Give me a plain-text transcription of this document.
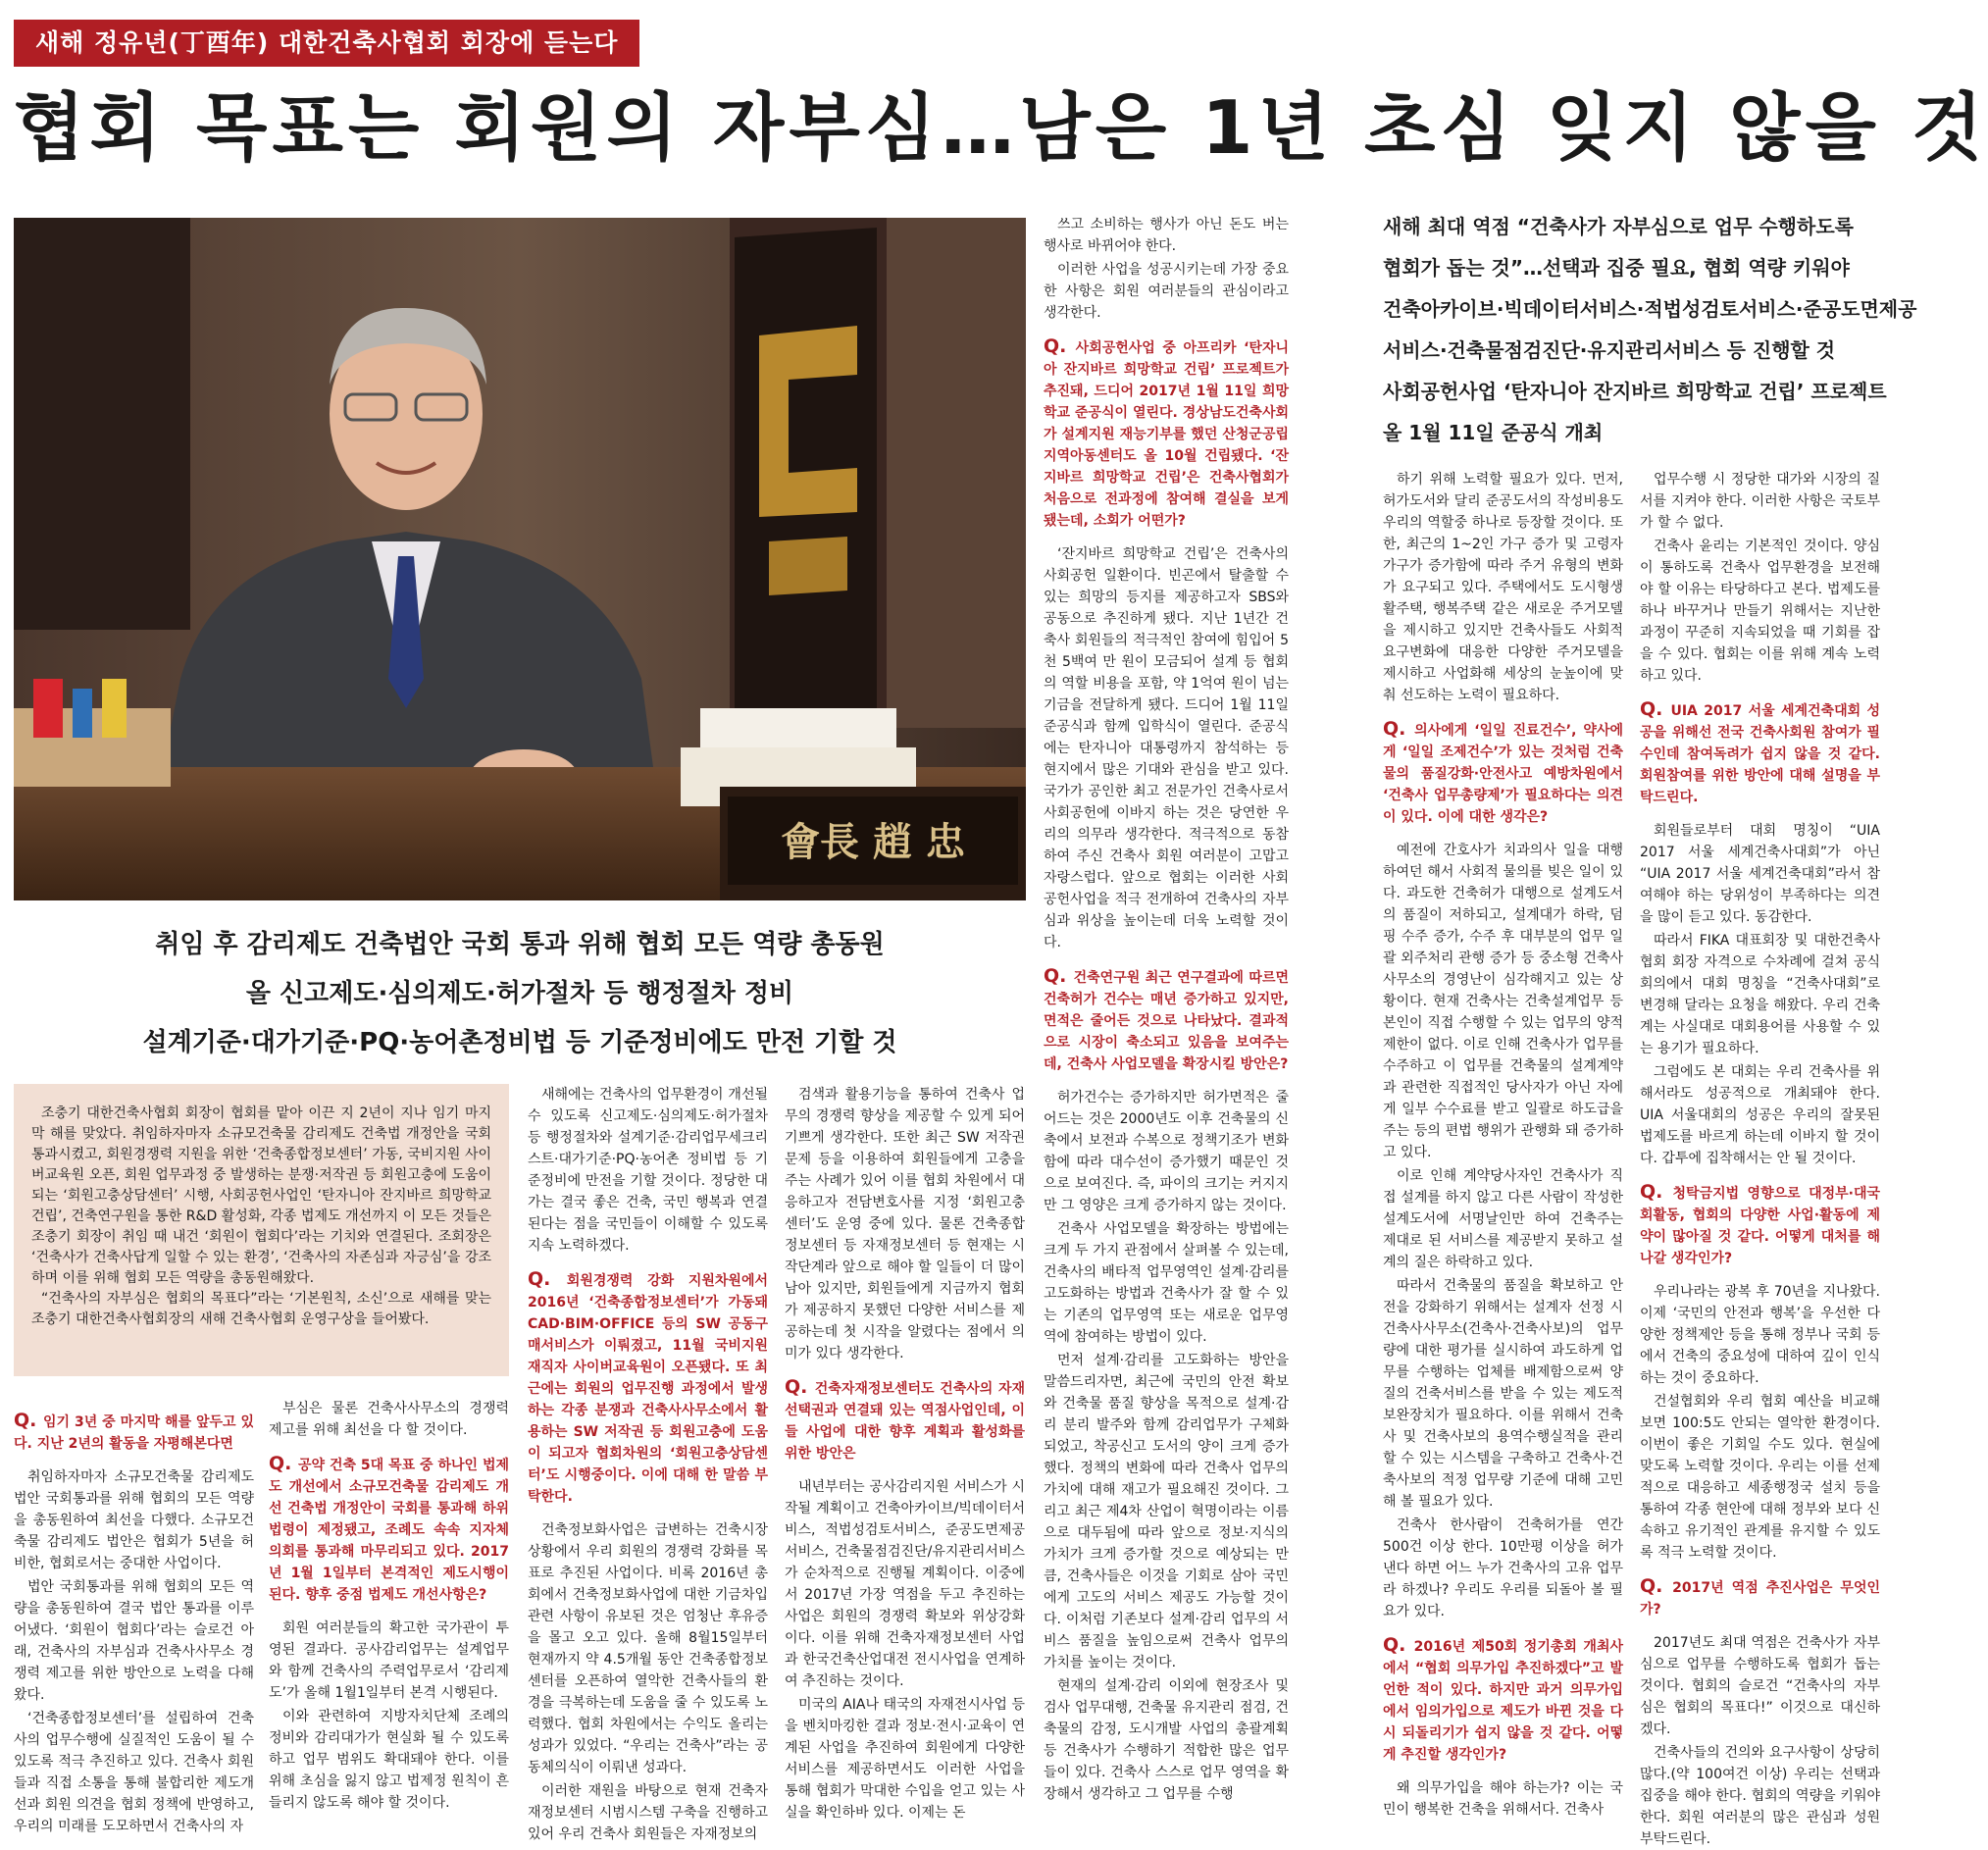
새해 정유년(丁酉年) 대한건축사협회 회장에 듣는다
협회 목표는 회원의 자부심…남은 1년 초심 잊지 않을 것
會長 趙 忠
취임 후 감리제도 건축법안 국회 통과 위해 협회 모든 역량 총동원
올 신고제도·심의제도·허가절차 등 행정절차 정비
설계기준·대가기준·PQ·농어촌정비법 등 기준정비에도 만전 기할 것

조충기 대한건축사협회 회장이 협회를 맡아 이끈 지 2년이 지나 임기 마지막 해를 맞았다. 취임하자마자 소규모건축물 감리제도 건축법 개정안을 국회 통과시켰고, 회원경쟁력 지원을 위한 ‘건축종합정보센터’ 가동, 국비지원 사이버교육원 오픈, 회원 업무과정 중 발생하는 분쟁·저작권 등 회원고충에 도움이 되는 ‘회원고충상담센터’ 시행, 사회공헌사업인 ‘탄자니아 잔지바르 희망학교 건립’, 건축연구원을 통한 R&D 활성화, 각종 법제도 개선까지 이 모든 것들은 조충기 회장이 취임 때 내건 ‘회원이 협회다’라는 기치와 연결된다. 조회장은 ‘건축사가 건축사답게 일할 수 있는 환경’, ‘건축사의 자존심과 자긍심’을 강조하며 이를 위해 협회 모든 역량을 총동원해왔다.

“건축사의 자부심은 협회의 목표다”라는 ‘기본원칙, 소신’으로 새해를 맞는 조충기 대한건축사협회장의 새해 건축사협회 운영구상을 들어봤다.

새해 최대 역점 “건축사가 자부심으로 업무 수행하도록
협회가 돕는 것”…선택과 집중 필요, 협회 역량 키워야
건축아카이브·빅데이터서비스·적법성검토서비스·준공도면제공
서비스·건축물점검진단·유지관리서비스 등 진행할 것
사회공헌사업 ‘탄자니아 잔지바르 희망학교 건립’ 프로젝트
올 1월 11일 준공식 개최

Q. 임기 3년 중 마지막 해를 앞두고 있다. 지난 2년의 활동을 자평해본다면

취임하자마자 소규모건축물 감리제도 법안 국회통과를 위해 협회의 모든 역량을 총동원하여 최선을 다했다. 소규모건축물 감리제도 법안은 협회가 5년을 허비한, 협회로서는 중대한 사업이다.

법안 국회통과를 위해 협회의 모든 역량을 총동원하여 결국 법안 통과를 이루어냈다. ‘회원이 협회다’라는 슬로건 아래, 건축사의 자부심과 건축사사무소 경쟁력 제고를 위한 방안으로 노력을 다해왔다.

‘건축종합정보센터’를 설립하여 건축사의 업무수행에 실질적인 도움이 될 수 있도록 적극 추진하고 있다. 건축사 회원들과 직접 소통을 통해 불합리한 제도개선과 회원 의견을 협회 정책에 반영하고, 우리의 미래를 도모하면서 건축사의 자

부심은 물론 건축사사무소의 경쟁력 제고를 위해 최선을 다 할 것이다.

Q. 공약 건축 5대 목표 중 하나인 법제도 개선에서 소규모건축물 감리제도 개선 건축법 개정안이 국회를 통과해 하위법령이 제정됐고, 조례도 속속 지자체 의회를 통과해 마무리되고 있다. 2017년 1월 1일부터 본격적인 제도시행이 된다. 향후 중점 법제도 개선사항은?

회원 여러분들의 확고한 국가관이 투영된 결과다. 공사감리업무는 설계업무와 함께 건축사의 주력업무로서 ‘감리제도’가 올해 1월1일부터 본격 시행된다.

이와 관련하여 지방자치단체 조례의 정비와 감리대가가 현실화 될 수 있도록 하고 업무 범위도 확대돼야 한다. 이를 위해 초심을 잃지 않고 법제정 원칙이 흔들리지 않도록 해야 할 것이다.

새해에는 건축사의 업무환경이 개선될 수 있도록 신고제도·심의제도·허가절차 등 행정절차와 설계기준·감리업무세크리스트·대가기준·PQ·농어촌 정비법 등 기준정비에 만전을 기할 것이다. 정당한 대가는 결국 좋은 건축, 국민 행복과 연결된다는 점을 국민들이 이해할 수 있도록 지속 노력하겠다.

Q. 회원경쟁력 강화 지원차원에서 2016년 ‘건축종합정보센터’가 가동돼 CAD·BIM·OFFICE 등의 SW 공동구매서비스가 이뤄졌고, 11월 국비지원 재직자 사이버교육원이 오픈됐다. 또 최근에는 회원의 업무진행 과정에서 발생하는 각종 분쟁과 건축사사무소에서 활용하는 SW 저작권 등 회원고충에 도움이 되고자 협회차원의 ‘회원고충상담센터’도 시행중이다. 이에 대해 한 말씀 부탁한다.

건축정보화사업은 급변하는 건축시장 상황에서 우리 회원의 경쟁력 강화를 목표로 추진된 사업이다. 비록 2016년 총회에서 건축정보화사업에 대한 기금차입 관련 사항이 유보된 것은 엄청난 후유증을 몰고 오고 있다. 올해 8월15일부터 현재까지 약 4.5개월 동안 건축종합정보센터를 오픈하여 열악한 건축사들의 환경을 극복하는데 도움을 줄 수 있도록 노력했다. 협회 차원에서는 수익도 올리는 성과가 있었다. “우리는 건축사”라는 공동체의식이 이뤄낸 성과다.

이러한 재원을 바탕으로 현재 건축자재정보센터 시범시스템 구축을 진행하고 있어 우리 건축사 회원들은 자재정보의

검색과 활용기능을 통하여 건축사 업무의 경쟁력 향상을 제공할 수 있게 되어 기쁘게 생각한다. 또한 최근 SW 저작권 문제 등을 이용하여 회원들에게 고충을 주는 사례가 있어 이를 협회 차원에서 대응하고자 전담변호사를 지정 ‘회원고충센터’도 운영 중에 있다. 물론 건축종합정보센터 등 자재정보센터 등 현재는 시작단계라 앞으로 해야 할 일들이 더 많이 남아 있지만, 회원들에게 지금까지 협회가 제공하지 못했던 다양한 서비스를 제공하는데 첫 시작을 알렸다는 점에서 의미가 있다 생각한다.

Q. 건축자재정보센터도 건축사의 자재선택권과 연결돼 있는 역점사업인데, 이들 사업에 대한 향후 계획과 활성화를 위한 방안은

내년부터는 공사감리지원 서비스가 시작될 계획이고 건축아카이브/빅데이터서비스, 적법성검토서비스, 준공도면제공서비스, 건축물점검진단/유지관리서비스가 순차적으로 진행될 계획이다. 이중에서 2017년 가장 역점을 두고 추진하는 사업은 회원의 경쟁력 확보와 위상강화이다. 이를 위해 건축자재정보센터 사업과 한국건축산업대전 전시사업을 연계하여 추진하는 것이다.

미국의 AIA나 태국의 자재전시사업 등을 벤치마킹한 결과 정보·전시·교육이 연계된 사업을 추진하여 회원에게 다양한 서비스를 제공하면서도 이러한 사업을 통해 협회가 막대한 수입을 얻고 있는 사실을 확인하바 있다. 이제는 돈

쓰고 소비하는 행사가 아닌 돈도 버는 행사로 바뀌어야 한다.

이러한 사업을 성공시키는데 가장 중요한 사항은 회원 여러분들의 관심이라고 생각한다.

Q. 사회공헌사업 중 아프리카 ‘탄자니아 잔지바르 희망학교 건립’ 프로젝트가 추진돼, 드디어 2017년 1월 11일 희망학교 준공식이 열린다. 경상남도건축사회가 설계지원 재능기부를 했던 산청군공립지역아동센터도 올 10월 건립됐다. ‘잔지바르 희망학교 건립’은 건축사협회가 처음으로 전과정에 참여해 결실을 보게 됐는데, 소회가 어떤가?

‘잔지바르 희망학교 건립’은 건축사의 사회공헌 일환이다. 빈곤에서 탈출할 수 있는 희망의 등지를 제공하고자 SBS와 공동으로 추진하게 됐다. 지난 1년간 건축사 회원들의 적극적인 참여에 힘입어 5천 5백여 만 원이 모금되어 설계 등 협회의 역할 비용을 포함, 약 1억여 원이 넘는 기금을 전달하게 됐다. 드디어 1월 11일 준공식과 함께 입학식이 열린다. 준공식에는 탄자니아 대통령까지 참석하는 등 현지에서 많은 기대와 관심을 받고 있다. 국가가 공인한 최고 전문가인 건축사로서 사회공헌에 이바지 하는 것은 당연한 우리의 의무라 생각한다. 적극적으로 동참하여 주신 건축사 회원 여러분이 고맙고 자랑스럽다. 앞으로 협회는 이러한 사회공헌사업을 적극 전개하여 건축사의 자부심과 위상을 높이는데 더욱 노력할 것이다.

Q. 건축연구원 최근 연구결과에 따르면 건축허가 건수는 매년 증가하고 있지만, 면적은 줄어든 것으로 나타났다. 결과적으로 시장이 축소되고 있음을 보여주는데, 건축사 사업모델을 확장시킬 방안은?

허가건수는 증가하지만 허가면적은 줄어드는 것은 2000년도 이후 건축물의 신축에서 보전과 수복으로 정책기조가 변화함에 따라 대수선이 증가했기 때문인 것으로 보여진다. 즉, 파이의 크기는 커지지만 그 영양은 크게 증가하지 않는 것이다.

건축사 사업모델을 확장하는 방법에는 크게 두 가지 관점에서 살펴볼 수 있는데, 건축사의 배타적 업무영역인 설계·감리를 고도화하는 방법과 건축사가 잘 할 수 있는 기존의 업무영역 또는 새로운 업무영역에 참여하는 방법이 있다.

먼저 설계·감리를 고도화하는 방안을 말씀드리자면, 최근에 국민의 안전 확보와 건축물 품질 향상을 목적으로 설계·감리 분리 발주와 함께 감리업무가 구체화되었고, 착공신고 도서의 양이 크게 증가했다. 정책의 변화에 따라 건축사 업무의 가치에 대해 재고가 필요해진 것이다. 그리고 최근 제4차 산업이 혁명이라는 이름으로 대두됨에 따라 앞으로 정보·지식의 가치가 크게 증가할 것으로 예상되는 만큼, 건축사들은 이것을 기회로 삼아 국민에게 고도의 서비스 제공도 가능할 것이다. 이처럼 기존보다 설계·감리 업무의 서비스 품질을 높임으로써 건축사 업무의 가치를 높이는 것이다.

현재의 설계·감리 이외에 현장조사 및 검사 업무대행, 건축물 유지관리 점검, 건축물의 감정, 도시개발 사업의 총괄계획 등 건축사가 수행하기 적합한 많은 업무들이 있다. 건축사 스스로 업무 영역을 확장해서 생각하고 그 업무를 수행

하기 위해 노력할 필요가 있다. 먼저, 허가도서와 달리 준공도서의 작성비용도 우리의 역할중 하나로 등장할 것이다. 또한, 최근의 1~2인 가구 증가 및 고령자 가구가 증가함에 따라 주거 유형의 변화가 요구되고 있다. 주택에서도 도시형생활주택, 행복주택 같은 새로운 주거모델을 제시하고 있지만 건축사들도 사회적 요구변화에 대응한 다양한 주거모델을 제시하고 사업화해 세상의 눈높이에 맞춰 선도하는 노력이 필요하다.

Q. 의사에게 ‘일일 진료건수’, 약사에게 ‘일일 조제건수’가 있는 것처럼 건축물의 품질강화·안전사고 예방차원에서 ‘건축사 업무총량제’가 필요하다는 의견이 있다. 이에 대한 생각은?

예전에 간호사가 치과의사 일을 대행하여던 해서 사회적 물의를 빚은 일이 있다. 과도한 건축허가 대행으로 설계도서의 품질이 저하되고, 설계대가 하락, 덤핑 수주 증가, 수주 후 대부분의 업무 일괄 외주처리 관행 증가 등 중소형 건축사사무소의 경영난이 심각해지고 있는 상황이다. 현재 건축사는 건축설계업무 등 본인이 직접 수행할 수 있는 업무의 양적 제한이 없다. 이로 인해 건축사가 업무를 수주하고 이 업무를 건축물의 설계계약과 관련한 직접적인 당사자가 아닌 자에게 일부 수수료를 받고 일괄로 하도급을 주는 등의 편법 행위가 관행화 돼 증가하고 있다.

이로 인해 계약당사자인 건축사가 직접 설계를 하지 않고 다른 사람이 작성한 설계도서에 서명날인만 하여 건축주는 제대로 된 서비스를 제공받지 못하고 설계의 질은 하락하고 있다.

따라서 건축물의 품질을 확보하고 안전을 강화하기 위해서는 설계자 선정 시 건축사사무소(건축사·건축사보)의 업무량에 대한 평가를 실시하여 과도하게 업무를 수행하는 업체를 배제함으로써 양질의 건축서비스를 받을 수 있는 제도적 보완장치가 필요하다. 이를 위해서 건축사 및 건축사보의 용역수행실적을 관리할 수 있는 시스템을 구축하고 건축사·건축사보의 적정 업무량 기준에 대해 고민해 볼 필요가 있다.

건축사 한사람이 건축허가를 연간 500건 이상 한다. 10만평 이상을 허가 낸다 하면 어느 누가 건축사의 고유 업무라 하겠나? 우리도 우리를 되돌아 볼 필요가 있다.

Q. 2016년 제50회 정기총회 개최사에서 “협회 의무가입 추진하겠다”고 발언한 적이 있다. 하지만 과거 의무가입에서 임의가입으로 제도가 바뀐 것을 다시 되돌리기가 쉽지 않을 것 같다. 어떻게 추진할 생각인가?

왜 의무가입을 해야 하는가? 이는 국민이 행복한 건축을 위해서다. 건축사

업무수행 시 정당한 대가와 시장의 질서를 지켜야 한다. 이러한 사항은 국토부가 할 수 없다.

건축사 윤리는 기본적인 것이다. 양심이 통하도록 건축사 업무환경을 보전해야 할 이유는 타당하다고 본다. 법제도를 하나 바꾸거나 만들기 위해서는 지난한 과정이 꾸준히 지속되었을 때 기회를 잡을 수 있다. 협회는 이를 위해 계속 노력하고 있다.

Q. UIA 2017 서울 세계건축대회 성공을 위해선 전국 건축사회원 참여가 필수인데 참여독려가 쉽지 않을 것 같다. 회원참여를 위한 방안에 대해 설명을 부탁드린다.

회원들로부터 대회 명칭이 “UIA 2017 서울 세계건축사대회”가 아닌 “UIA 2017 서울 세계건축대회”라서 참여해야 하는 당위성이 부족하다는 의견을 많이 듣고 있다. 동감한다.

따라서 FIKA 대표회장 및 대한건축사협회 회장 자격으로 수차례에 걸쳐 공식회의에서 대회 명칭을 “건축사대회”로 변경해 달라는 요청을 해왔다. 우리 건축계는 사실대로 대회용어를 사용할 수 있는 용기가 필요하다.

그럼에도 본 대회는 우리 건축사를 위해서라도 성공적으로 개최돼야 한다. UIA 서울대회의 성공은 우리의 잘못된 법제도를 바르게 하는데 이바지 할 것이다. 갑투에 집착해서는 안 될 것이다.

Q. 청탁금지법 영향으로 대정부·대국회활동, 협회의 다양한 사업·활동에 제약이 많아질 것 같다. 어떻게 대처를 해나갈 생각인가?

우리나라는 광복 후 70년을 지나왔다. 이제 ‘국민의 안전과 행복’을 우선한 다양한 정책제안 등을 통해 정부나 국회 등에서 건축의 중요성에 대하여 깊이 인식하는 것이 중요하다.

건설협회와 우리 협회 예산을 비교해 보면 100:5도 안되는 열악한 환경이다. 이번이 좋은 기회일 수도 있다. 현실에 맞도록 노력할 것이다. 우리는 이를 선제적으로 대응하고 세종행정국 설치 등을 통하여 각종 현안에 대해 정부와 보다 신속하고 유기적인 관계를 유지할 수 있도록 적극 노력할 것이다.

Q. 2017년 역점 추진사업은 무엇인가?

2017년도 최대 역점은 건축사가 자부심으로 업무를 수행하도록 협회가 돕는 것이다. 협회의 슬로건 “건축사의 자부심은 협회의 목표다!” 이것으로 대신하겠다.

건축사들의 건의와 요구사항이 상당히 많다.(약 100여건 이상) 우리는 선택과 집중을 해야 한다. 협회의 역량을 키워야 한다. 회원 여러분의 많은 관심과 성원 부탁드린다.
